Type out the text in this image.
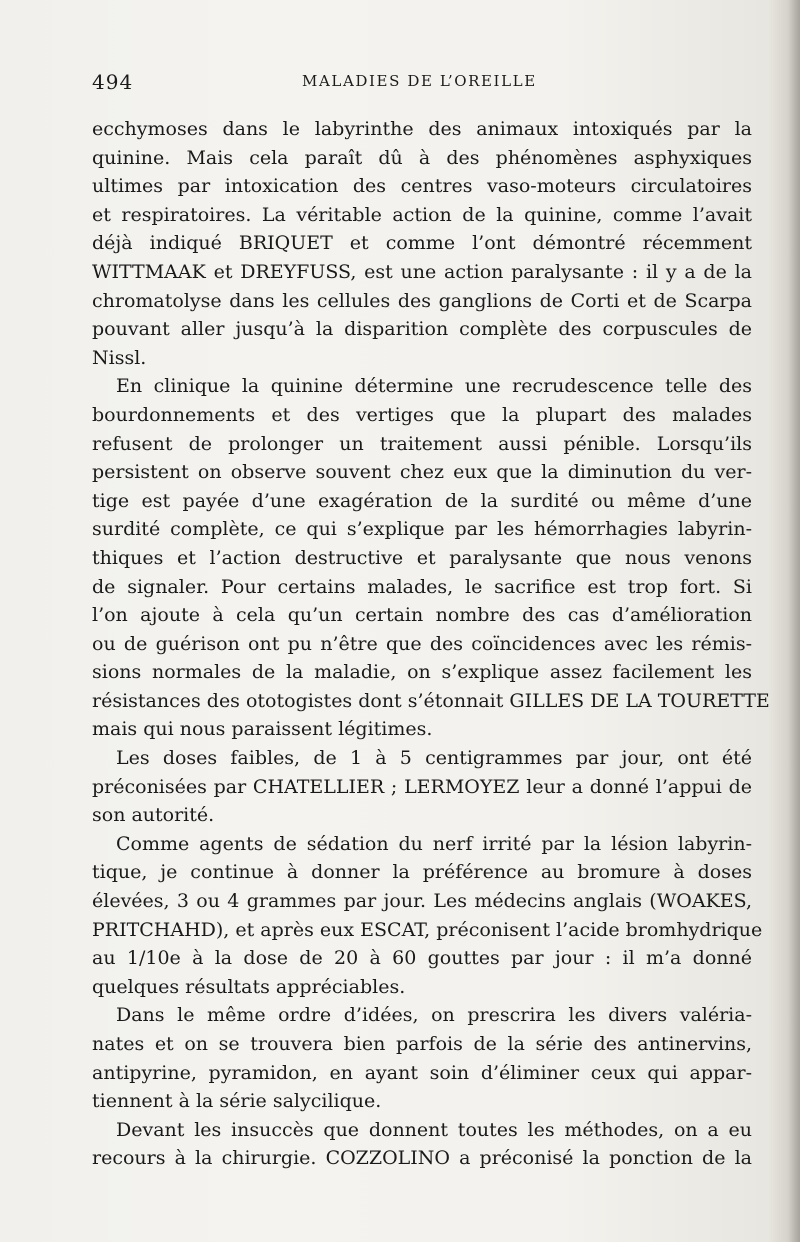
494	MALADIES DE L’OREILLE
ecchymoses dans le labyrinthe des animaux intoxiqués par la
quinine. Mais cela paraît dû à des phénomènes asphyxiques
ultimes par intoxication des centres vaso-moteurs circulatoires
et respiratoires. La véritable action de la quinine, comme l’avait
déjà indiqué BRIQUET et comme l’ont démontré récemment
WITTMAAK et DREYFUSS, est une action paralysante : il y a de la
chromatolyse dans les cellules des ganglions de Corti et de Scarpa
pouvant aller jusqu’à la disparition complète des corpuscules de
Nissl.
En clinique la quinine détermine une recrudescence telle des
bourdonnements et des vertiges que la plupart des malades
refusent de prolonger un traitement aussi pénible. Lorsqu’ils
persistent on observe souvent chez eux que la diminution du ver-
tige est payée d’une exagération de la surdité ou même d’une
surdité complète, ce qui s’explique par les hémorrhagies labyrin-
thiques et l’action destructive et paralysante que nous venons
de signaler. Pour certains malades, le sacrifice est trop fort. Si
l’on ajoute à cela qu’un certain nombre des cas d’amélioration
ou de guérison ont pu n’être que des coïncidences avec les rémis-
sions normales de la maladie, on s’explique assez facilement les
résistances des ototogistes dont s’étonnait GILLES DE LA TOURETTE
mais qui nous paraissent légitimes.
Les doses faibles, de 1 à 5 centigrammes par jour, ont été
préconisées par CHATELLIER ; LERMOYEZ leur a donné l’appui de
son autorité.
Comme agents de sédation du nerf irrité par la lésion labyrin-
tique, je continue à donner la préférence au bromure à doses
élevées, 3 ou 4 grammes par jour. Les médecins anglais (WOAKES,
PRITCHAHD), et après eux ESCAT, préconisent l’acide bromhydrique
au 1/10e à la dose de 20 à 60 gouttes par jour : il m’a donné
quelques résultats appréciables.
Dans le même ordre d’idées, on prescrira les divers valéria-
nates et on se trouvera bien parfois de la série des antinervins,
antipyrine, pyramidon, en ayant soin d’éliminer ceux qui appar-
tiennent à la série salycilique.
Devant les insuccès que donnent toutes les méthodes, on a eu
recours à la chirurgie. COZZOLINO a préconisé la ponction de la
